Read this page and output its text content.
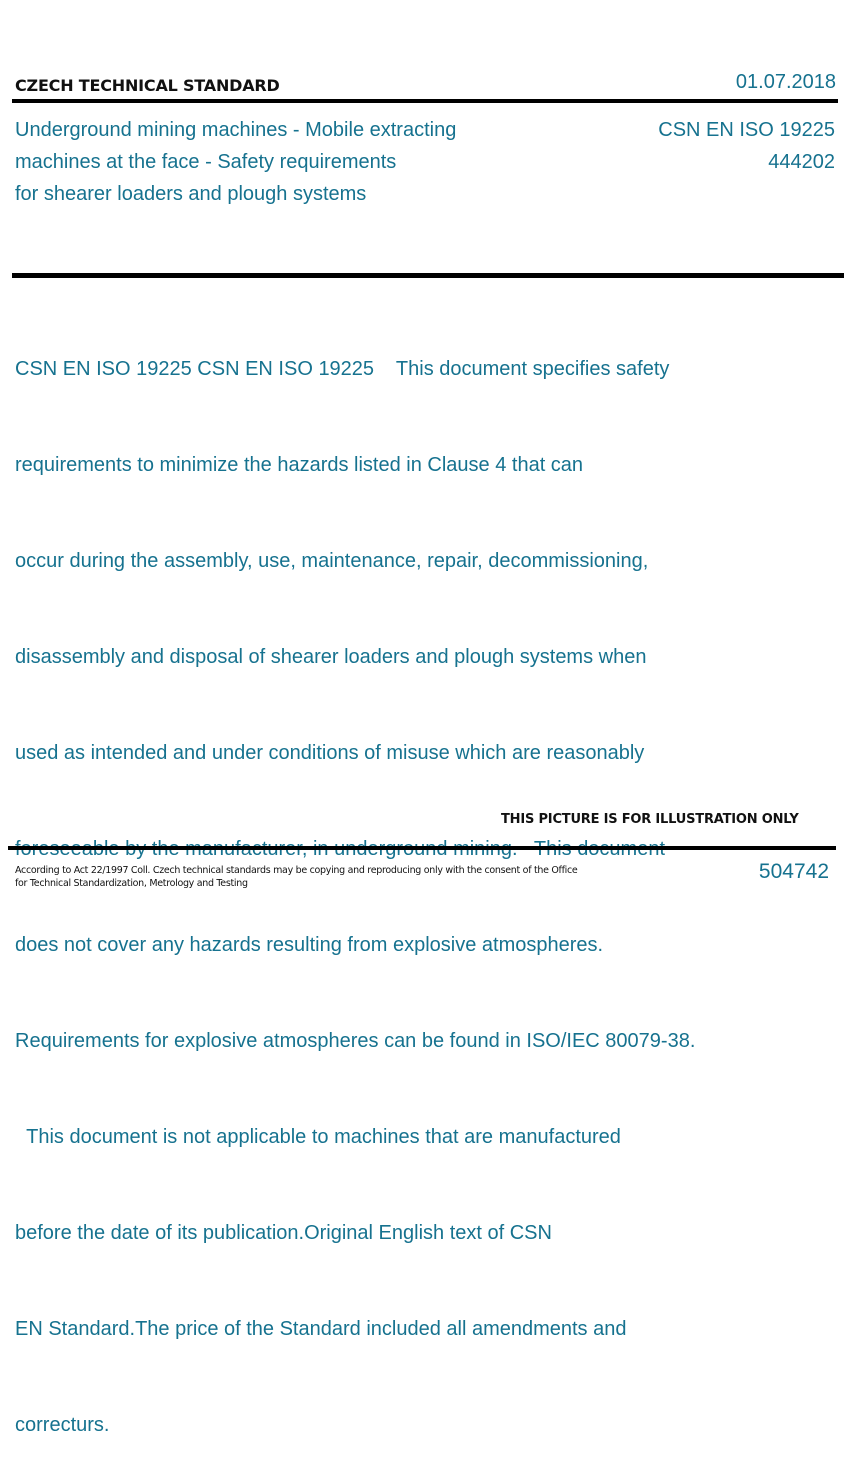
CZECH TECHNICAL STANDARD	01.07.2018
Underground mining machines - Mobile extracting
machines at the face - Safety requirements
for shearer loaders and plough systems
CSN EN ISO 19225
444202

CSN EN ISO 19225 CSN EN ISO 19225    This document specifies safety

requirements to minimize the hazards listed in Clause 4 that can

occur during the assembly, use, maintenance, repair, decommissioning,

disassembly and disposal of shearer loaders and plough systems when

used as intended and under conditions of misuse which are reasonably

does not cover any hazards resulting from explosive atmospheres.

Requirements for explosive atmospheres can be found in ISO/IEC 80079-38.

This document is not applicable to machines that are manufactured

before the date of its publication.Original English text of CSN

EN Standard.The price of the Standard included all amendments and

correcturs.

THIS PICTURE IS FOR ILLUSTRATION ONLY
According to Act 22/1997 Coll. Czech technical standards may be copying and reproducing only with the consent of the Office
for Technical Standardization, Metrology and Testing	504742
